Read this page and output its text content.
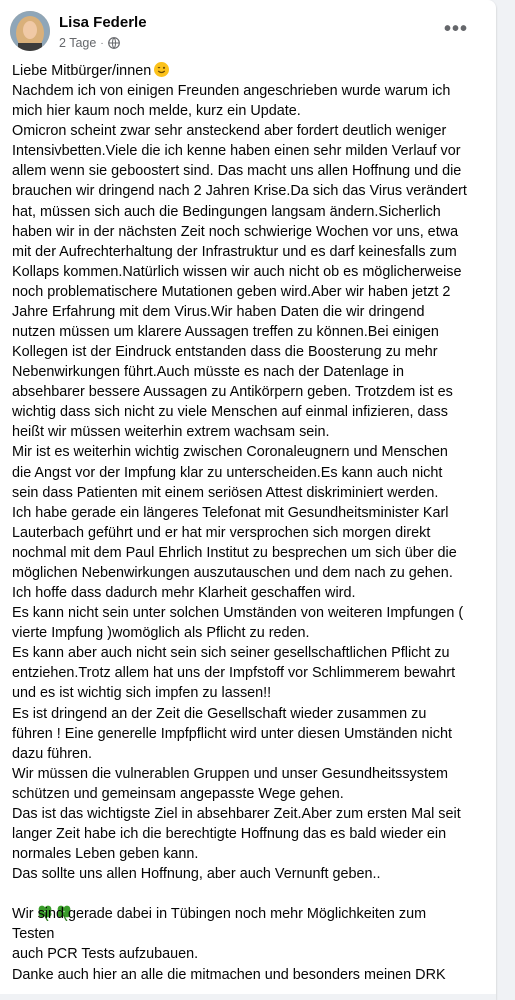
Lisa Federle
2 Tage ·
•••
Liebe Mitbürger/innen
Nachdem ich von einigen Freunden angeschrieben wurde warum ich
mich hier kaum noch melde, kurz ein Update.
Omicron scheint zwar sehr ansteckend aber fordert deutlich weniger
Intensivbetten.Viele die ich kenne haben einen sehr milden Verlauf vor
allem wenn sie geboostert sind. Das macht uns allen Hoffnung und die
brauchen wir dringend nach 2 Jahren Krise.Da sich das Virus verändert
hat, müssen sich auch die Bedingungen langsam ändern.Sicherlich
haben wir in der nächsten Zeit noch schwierige Wochen vor uns, etwa
mit der Aufrechterhaltung der Infrastruktur und es darf keinesfalls zum
Kollaps kommen.Natürlich wissen wir auch nicht ob es möglicherweise
noch problematischere Mutationen geben wird.Aber wir haben jetzt 2
Jahre Erfahrung mit dem Virus.Wir haben Daten die wir dringend
nutzen müssen um klarere Aussagen treffen zu können.Bei einigen
Kollegen ist der Eindruck entstanden dass die Boosterung zu mehr
Nebenwirkungen führt.Auch müsste es nach der Datenlage in
absehbarer bessere Aussagen zu Antikörpern geben. Trotzdem ist es
wichtig dass sich nicht zu viele Menschen auf einmal infizieren, dass
heißt wir müssen weiterhin extrem wachsam sein.
Mir ist es weiterhin wichtig zwischen Coronaleugnern und Menschen
die Angst vor der Impfung klar zu unterscheiden.Es kann auch nicht
sein dass Patienten mit einem seriösen Attest diskriminiert werden.
Ich habe gerade ein längeres Telefonat mit Gesundheitsminister Karl
Lauterbach geführt und er hat mir versprochen sich morgen direkt
nochmal mit dem Paul Ehrlich Institut zu besprechen um sich über die
möglichen Nebenwirkungen auszutauschen und dem nach zu gehen.
Ich hoffe dass dadurch mehr Klarheit geschaffen wird.
Es kann nicht sein unter solchen Umständen von weiteren Impfungen (
vierte Impfung )womöglich als Pflicht zu reden.
Es kann aber auch nicht sein sich seiner gesellschaftlichen Pflicht zu
entziehen.Trotz allem hat uns der Impfstoff vor Schlimmerem bewahrt
und es ist wichtig sich impfen zu lassen!!
Es ist dringend an der Zeit die Gesellschaft wieder zusammen zu
führen ! Eine generelle Impfpflicht wird unter diesen Umständen nicht
dazu führen.
Wir müssen die vulnerablen Gruppen und unser Gesundheitssystem
schützen und gemeinsam angepasste Wege gehen.
Das ist das wichtigste Ziel in absehbarer Zeit.Aber zum ersten Mal seit
langer Zeit habe ich die berechtigte Hoffnung das es bald wieder ein
normales Leben geben kann.
Das sollte uns allen Hoffnung, aber auch Vernunft geben..

Wir sind gerade dabei in Tübingen noch mehr Möglichkeiten zum
Testen
auch PCR Tests aufzubauen.
Danke auch hier an alle die mitmachen und besonders meinen DRK
